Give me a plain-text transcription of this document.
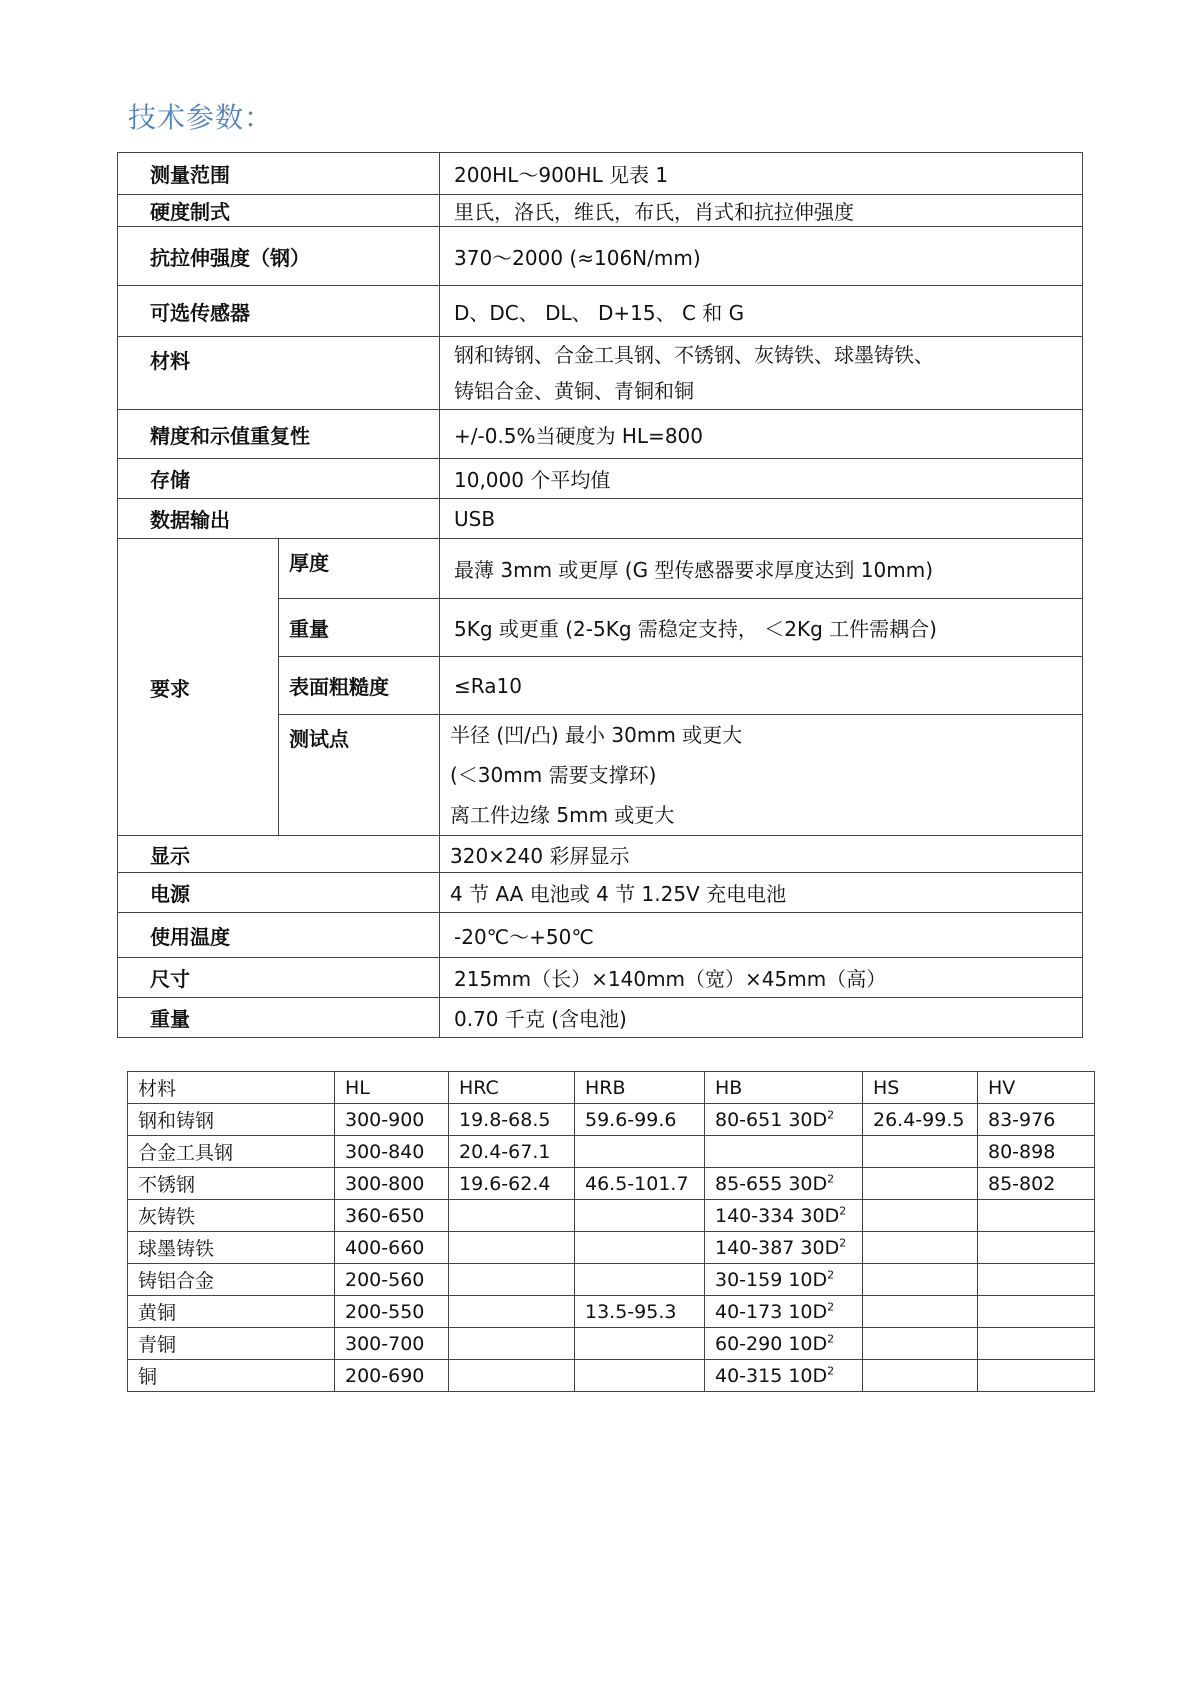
技术参数：
测量范围		200HL～900HL 见表 1
硬度制式		里氏，洛氏，维氏，布氏，肖式和抗拉伸强度
抗拉伸强度（钢）		370～2000 (≈106N/mm)
可选传感器		D、DC、 DL、 D+15、 C 和 G
材料		钢和铸钢、合金工具钢、不锈钢、灰铸铁、球墨铸铁、
铸铝合金、黄铜、青铜和铜

精度和示值重复性		+/-0.5%当硬度为 HL=800
存储		10,000 个平均值
数据输出		USB
要求	厚度	最薄 3mm 或更厚 (G 型传感器要求厚度达到 10mm)
	重量	5Kg 或更重 (2-5Kg 需稳定支持， ＜2Kg 工件需耦合)
	表面粗糙度	≤Ra10
	测试点	半径 (凹/凸) 最小 30mm 或更大
(＜30mm 需要支撑环)
离工件边缘 5mm 或更大

显示		320×240 彩屏显示
电源		4 节 AA 电池或 4 节 1.25V 充电电池
使用温度		-20℃～+50℃
尺寸		215mm（长）×140mm（宽）×45mm（高）
重量		0.70 千克 (含电池)
材料	HL	HRC	HRB	HB	HS	HV
钢和铸钢	300-900	19.8-68.5	59.6-99.6	80-651 $30D^2$	26.4-99.5	83-976
合金工具钢	300-840	20.4-67.1				80-898
不锈钢	300-800	19.6-62.4	46.5-101.7	85-655 $30D^2$		85-802
灰铸铁	360-650			140-334 $30D^2$		
球墨铸铁	400-660			140-387 $30D^2$		
铸铝合金	200-560			30-159 $10D^2$		
黄铜	200-550		13.5-95.3	40-173 $10D^2$		
青铜	300-700			60-290 $10D^2$		
铜	200-690			40-315 $10D^2$		
